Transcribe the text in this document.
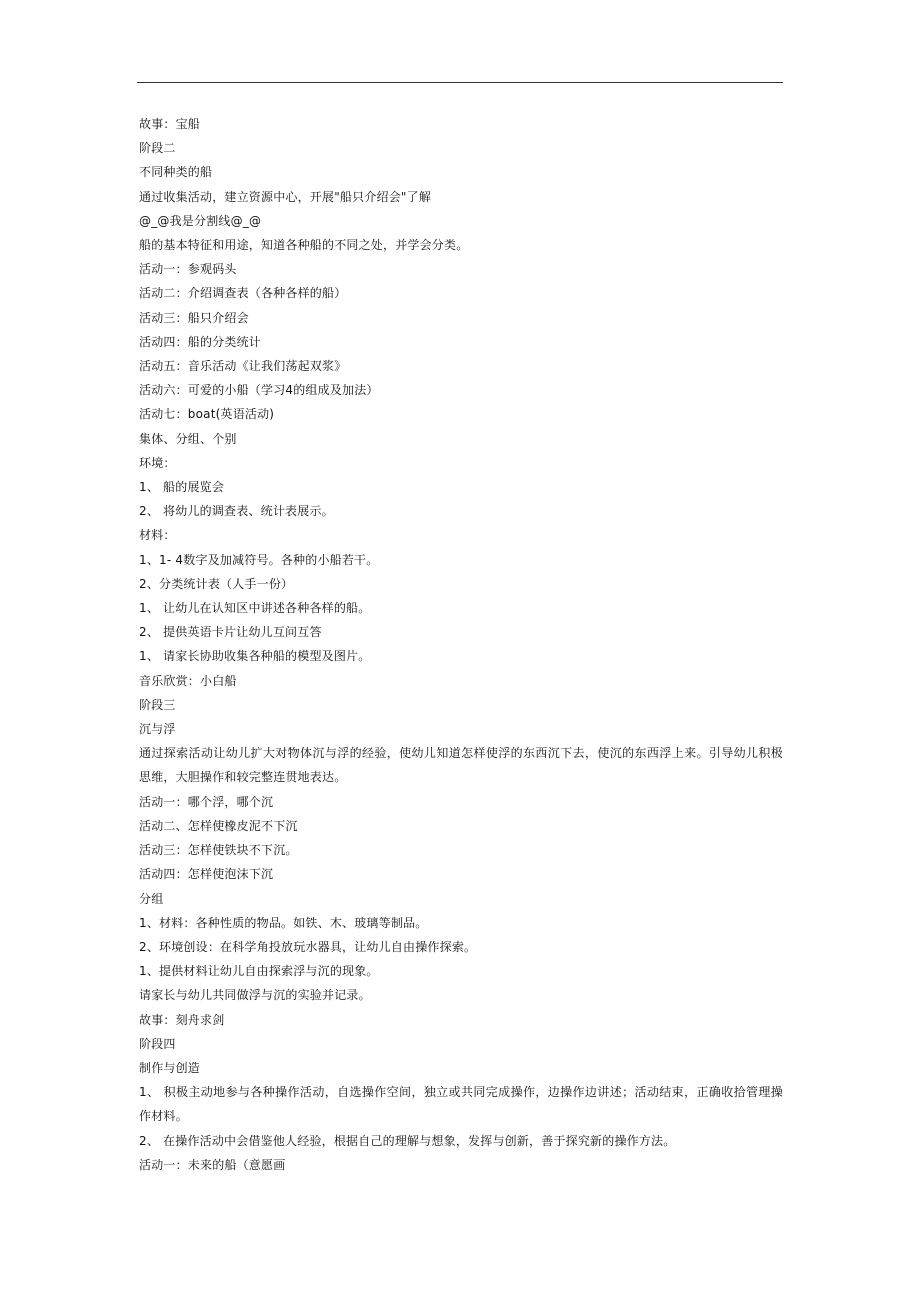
故事：宝船
阶段二
不同种类的船
通过收集活动，建立资源中心，开展"船只介绍会"了解
@_@我是分割线@_@
船的基本特征和用途，知道各种船的不同之处，并学会分类。
活动一：参观码头
活动二：介绍调查表（各种各样的船）
活动三：船只介绍会
活动四：船的分类统计
活动五：音乐活动《让我们荡起双浆》
活动六：可爱的小船（学习4的组成及加法）
活动七：boat(英语活动)
集体、分组、个别
环境：
1、 船的展览会
2、 将幼儿的调查表、统计表展示。
材料：
1、1- 4数字及加减符号。各种的小船若干。
2、分类统计表（人手一份）
1、 让幼儿在认知区中讲述各种各样的船。
2、 提供英语卡片让幼儿互问互答
1、 请家长协助收集各种船的模型及图片。
音乐欣赏：小白船
阶段三
沉与浮
通过探索活动让幼儿扩大对物体沉与浮的经验，使幼儿知道怎样使浮的东西沉下去，使沉的东西浮上来。引导幼儿积极思维，大胆操作和较完整连贯地表达。
活动一：哪个浮，哪个沉
活动二、怎样使橡皮泥不下沉
活动三：怎样使铁块不下沉。
活动四：怎样使泡沫下沉
分组
1、材料：各种性质的物品。如铁、木、玻璃等制品。
2、环境创设：在科学角投放玩水器具，让幼儿自由操作探索。
1、提供材料让幼儿自由探索浮与沉的现象。
请家长与幼儿共同做浮与沉的实验并记录。
故事：刻舟求剑
阶段四
制作与创造
1、 积极主动地参与各种操作活动，自选操作空间，独立或共同完成操作，边操作边讲述；活动结束，正确收拾管理操作材料。
2、 在操作活动中会借鉴他人经验，根据自己的理解与想象，发挥与创新，善于探究新的操作方法。
活动一：未来的船（意愿画
